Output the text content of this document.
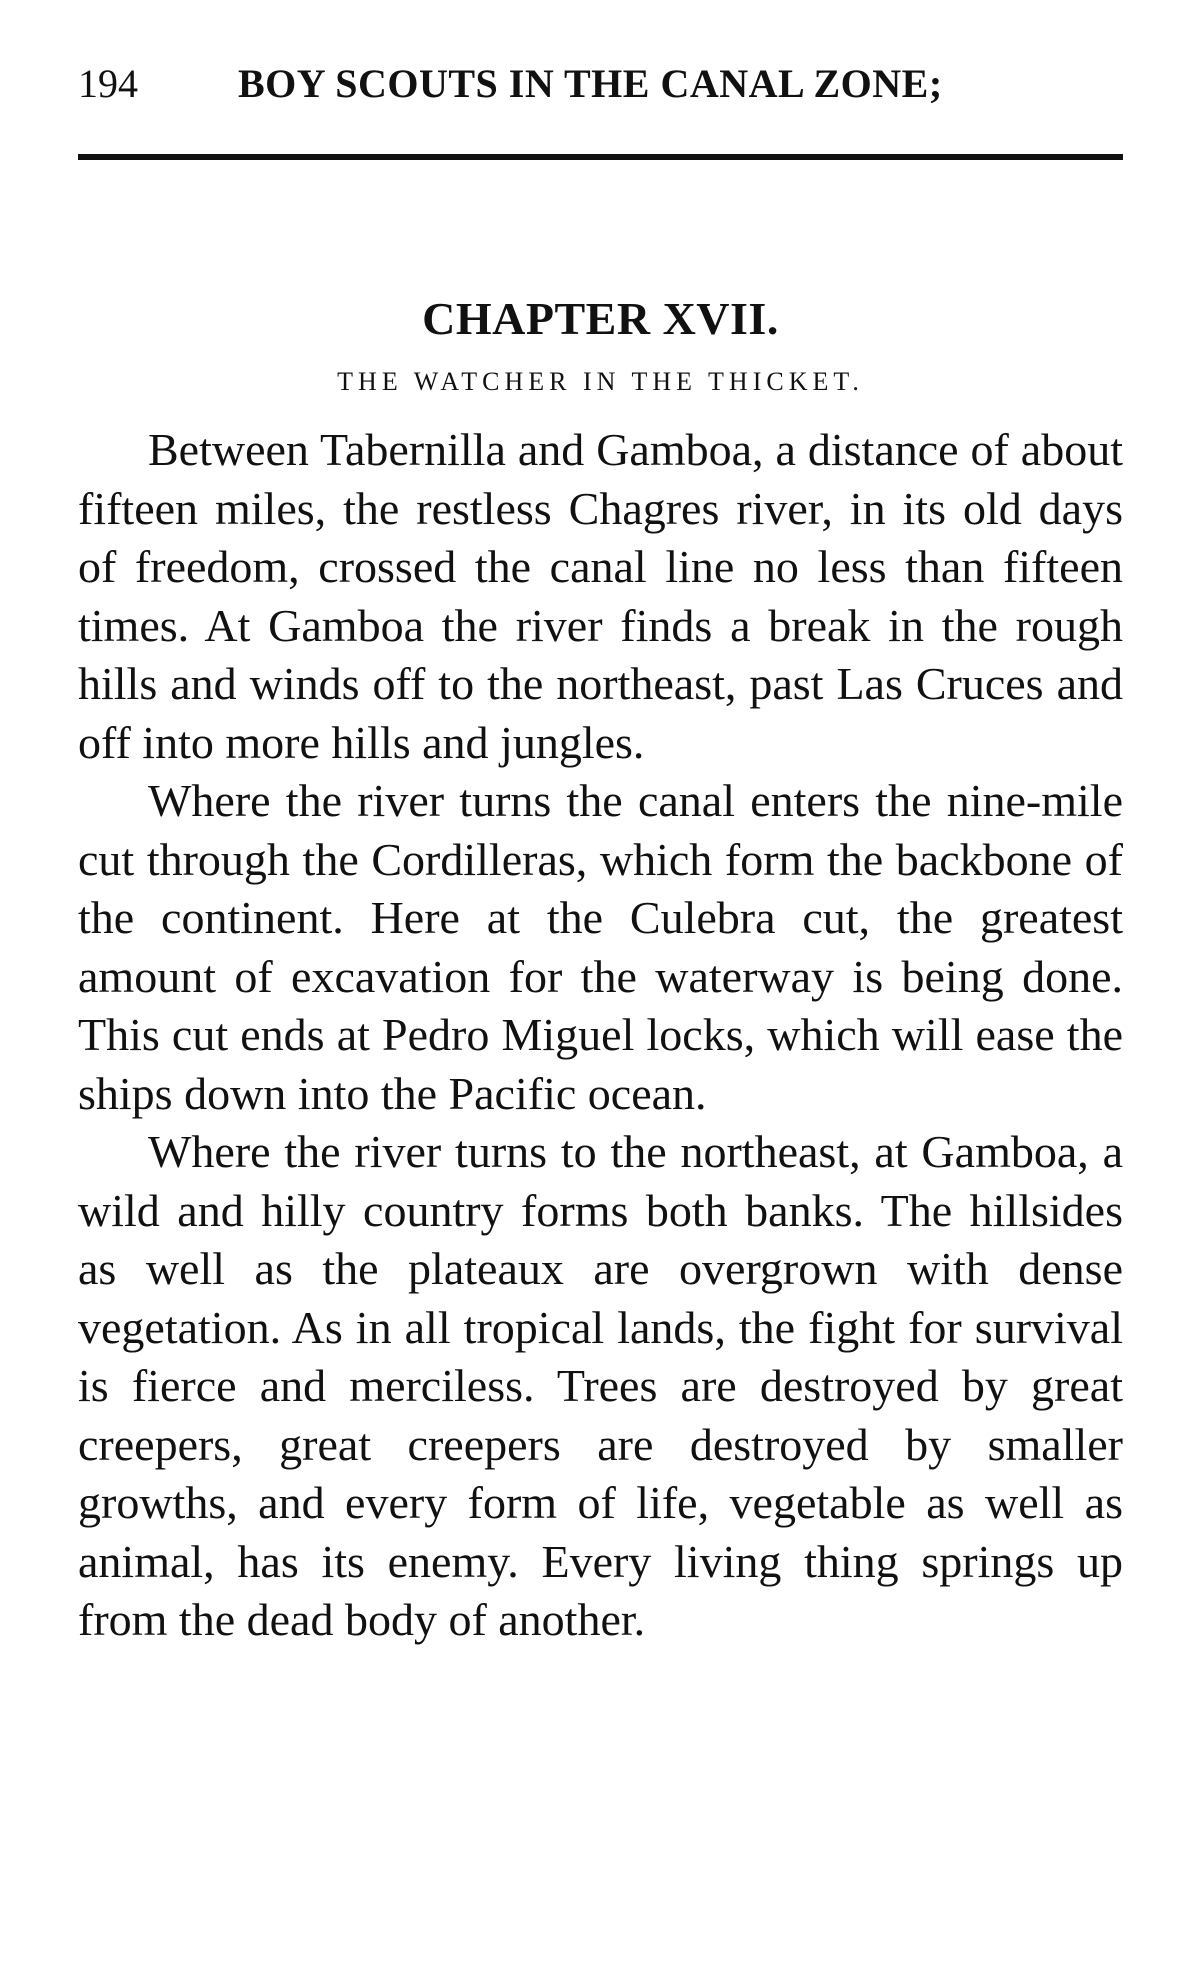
194	BOY SCOUTS IN THE CANAL ZONE;
CHAPTER XVII.
THE WATCHER IN THE THICKET.

Between Tabernilla and Gamboa, a distance of about fifteen miles, the restless Chagres river, in its old days of freedom, crossed the canal line no less than fifteen times. At Gamboa the river finds a break in the rough hills and winds off to the northeast, past Las Cruces and off into more hills and jungles.

Where the river turns the canal enters the nine-mile cut through the Cordilleras, which form the backbone of the continent. Here at the Culebra cut, the greatest amount of excavation for the waterway is being done. This cut ends at Pedro Miguel locks, which will ease the ships down into the Pacific ocean.

Where the river turns to the northeast, at Gamboa, a wild and hilly country forms both banks. The hillsides as well as the plateaux are overgrown with dense vegetation. As in all tropical lands, the fight for survival is fierce and merciless. Trees are destroyed by great creepers, great creepers are destroyed by smaller growths, and every form of life, vegetable as well as animal, has its enemy. Every living thing springs up from the dead body of another.
